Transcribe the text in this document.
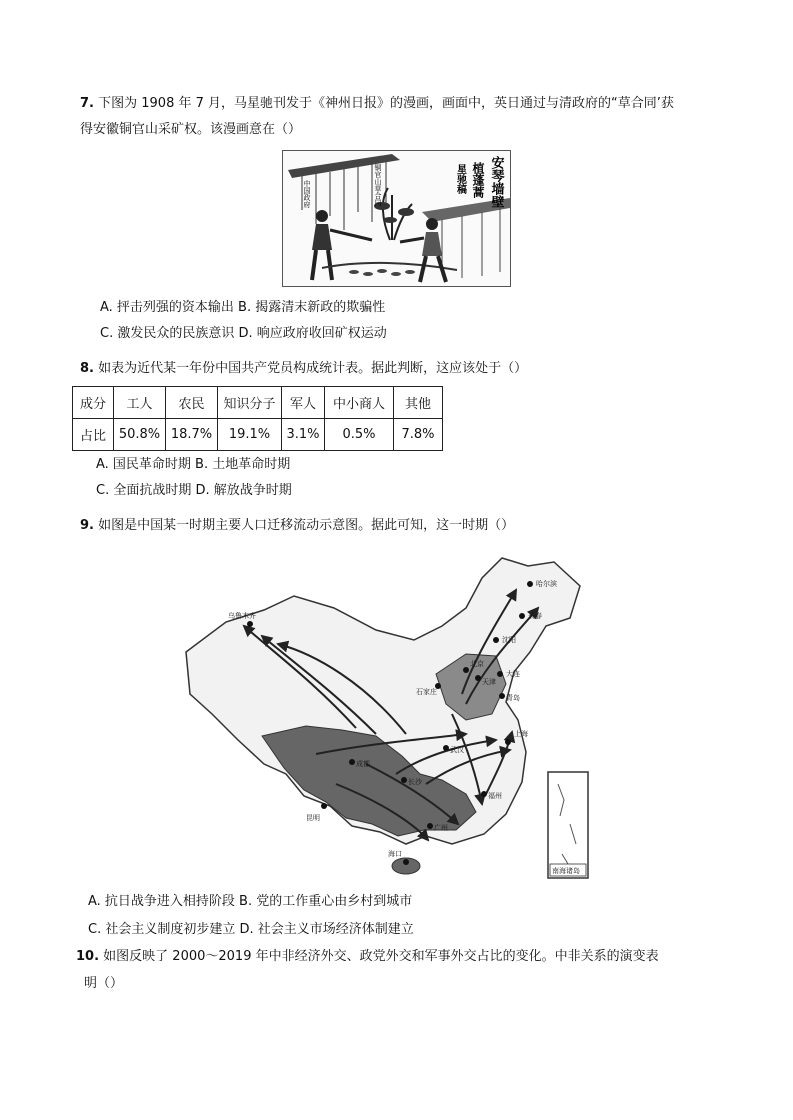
7. 下图为 1908 年 7 月，马星驰刊发于《神州日报》的漫画，画面中，英日通过与清政府的“草合同’获
得安徽铜官山采矿权。该漫画意在（）
中国政府	铜官山草合同	安琴墙壁
植蓬蒿
星驰稿
A. 抨击列强的资本输出 B. 揭露清末新政的欺骗性
C. 激发民众的民族意识 D. 响应政府收回矿权运动
8. 如表为近代某一年份中国共产党员构成统计表。据此判断，这应该处于（）
成分	工人	农民	知识分子	军人	中小商人	其他
占比	50.8%	18.7%	19.1%	3.1%	0.5%	7.8%
A. 国民革命时期 B. 土地革命时期
C. 全面抗战时期 D. 解放战争时期
9. 如图是中国某一时期主要人口迁移流动示意图。据此可知，这一时期（）
乌鲁木齐
哈尔滨
长春
沈阳
北京
天津
石家庄
大连
青岛
上海
武汉
成都
长沙
昆明
广州
福州
海口
南海诸岛
A. 抗日战争进入相持阶段 B. 党的工作重心由乡村到城市
C. 社会主义制度初步建立 D. 社会主义市场经济体制建立
10. 如图反映了 2000～2019 年中非经济外交、政党外交和军事外交占比的变化。中非关系的演变表
明（）
